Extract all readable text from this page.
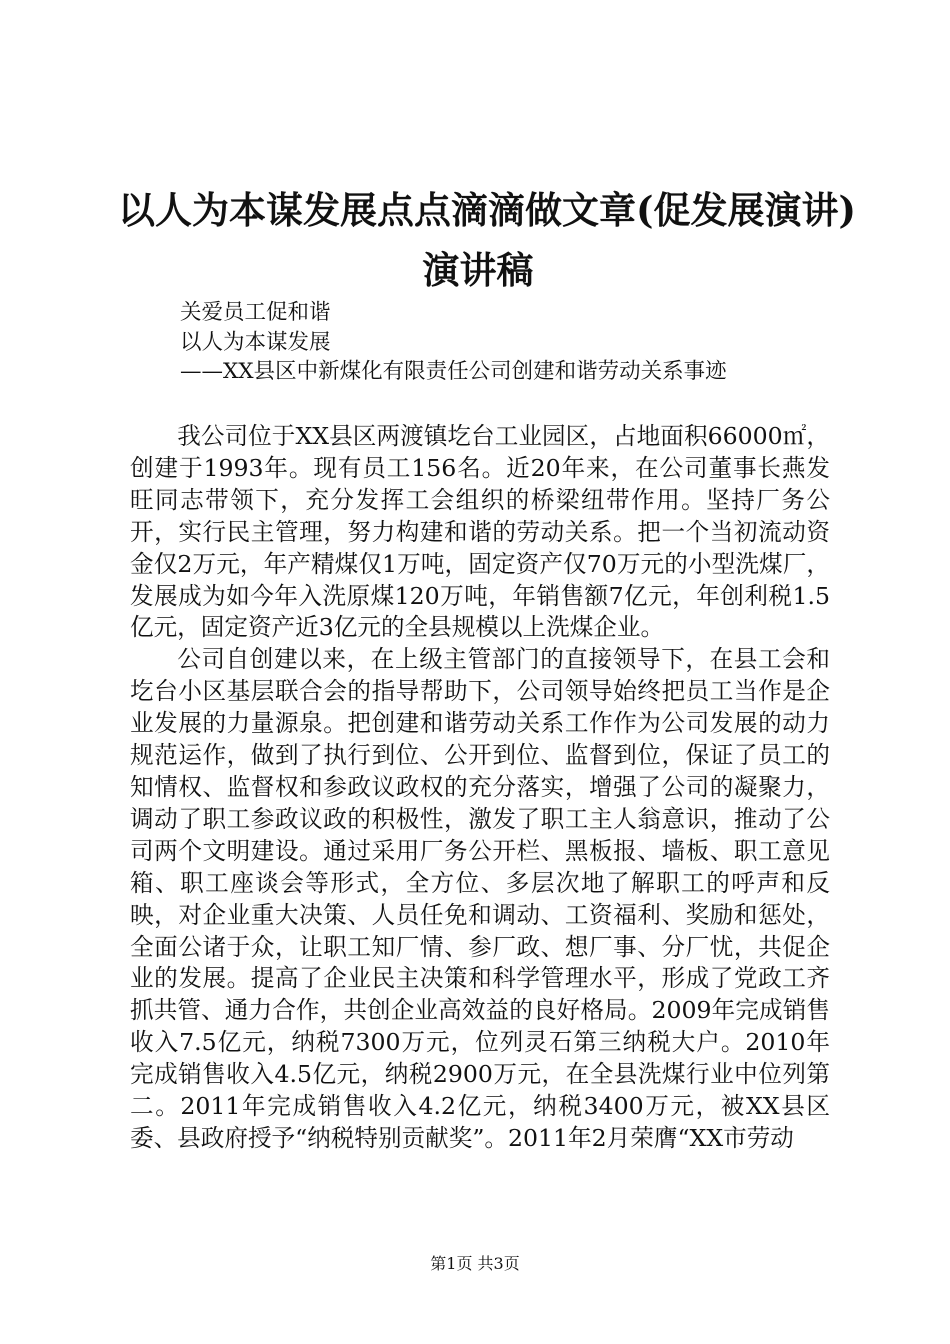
以人为本谋发展点点滴滴做文章(促发展演讲)
演讲稿
关爱员工促和谐
以人为本谋发展
——XX县区中新煤化有限责任公司创建和谐劳动关系事迹

我公司位于XX县区两渡镇圪台工业园区，占地面积66000㎡，创建于1993年。现有员工156名。近20年来，在公司董事长燕发旺同志带领下，充分发挥工会组织的桥梁纽带作用。坚持厂务公开，实行民主管理，努力构建和谐的劳动关系。把一个当初流动资金仅2万元，年产精煤仅1万吨，固定资产仅70万元的小型洗煤厂，发展成为如今年入洗原煤120万吨，年销售额7亿元，年创利税1.5亿元，固定资产近3亿元的全县规模以上洗煤企业。

公司自创建以来，在上级主管部门的直接领导下，在县工会和圪台小区基层联合会的指导帮助下，公司领导始终把员工当作是企业发展的力量源泉。把创建和谐劳动关系工作作为公司发展的动力规范运作，做到了执行到位、公开到位、监督到位，保证了员工的知情权、监督权和参政议政权的充分落实，增强了公司的凝聚力，调动了职工参政议政的积极性，激发了职工主人翁意识，推动了公司两个文明建设。通过采用厂务公开栏、黑板报、墙板、职工意见箱、职工座谈会等形式，全方位、多层次地了解职工的呼声和反映，对企业重大决策、人员任免和调动、工资福利、奖励和惩处，全面公诸于众，让职工知厂情、参厂政、想厂事、分厂忧，共促企业的发展。提高了企业民主决策和科学管理水平，形成了党政工齐抓共管、通力合作，共创企业高效益的良好格局。2009年完成销售收入7.5亿元，纳税7300万元，位列灵石第三纳税大户。2010年完成销售收入4.5亿元，纳税2900万元，在全县洗煤行业中位列第二。2011年完成销售收入4.2亿元，纳税3400万元，被XX县区委、县政府授予“纳税特别贡献奖”。2011年2月荣膺“XX市劳动

第1页 共3页
